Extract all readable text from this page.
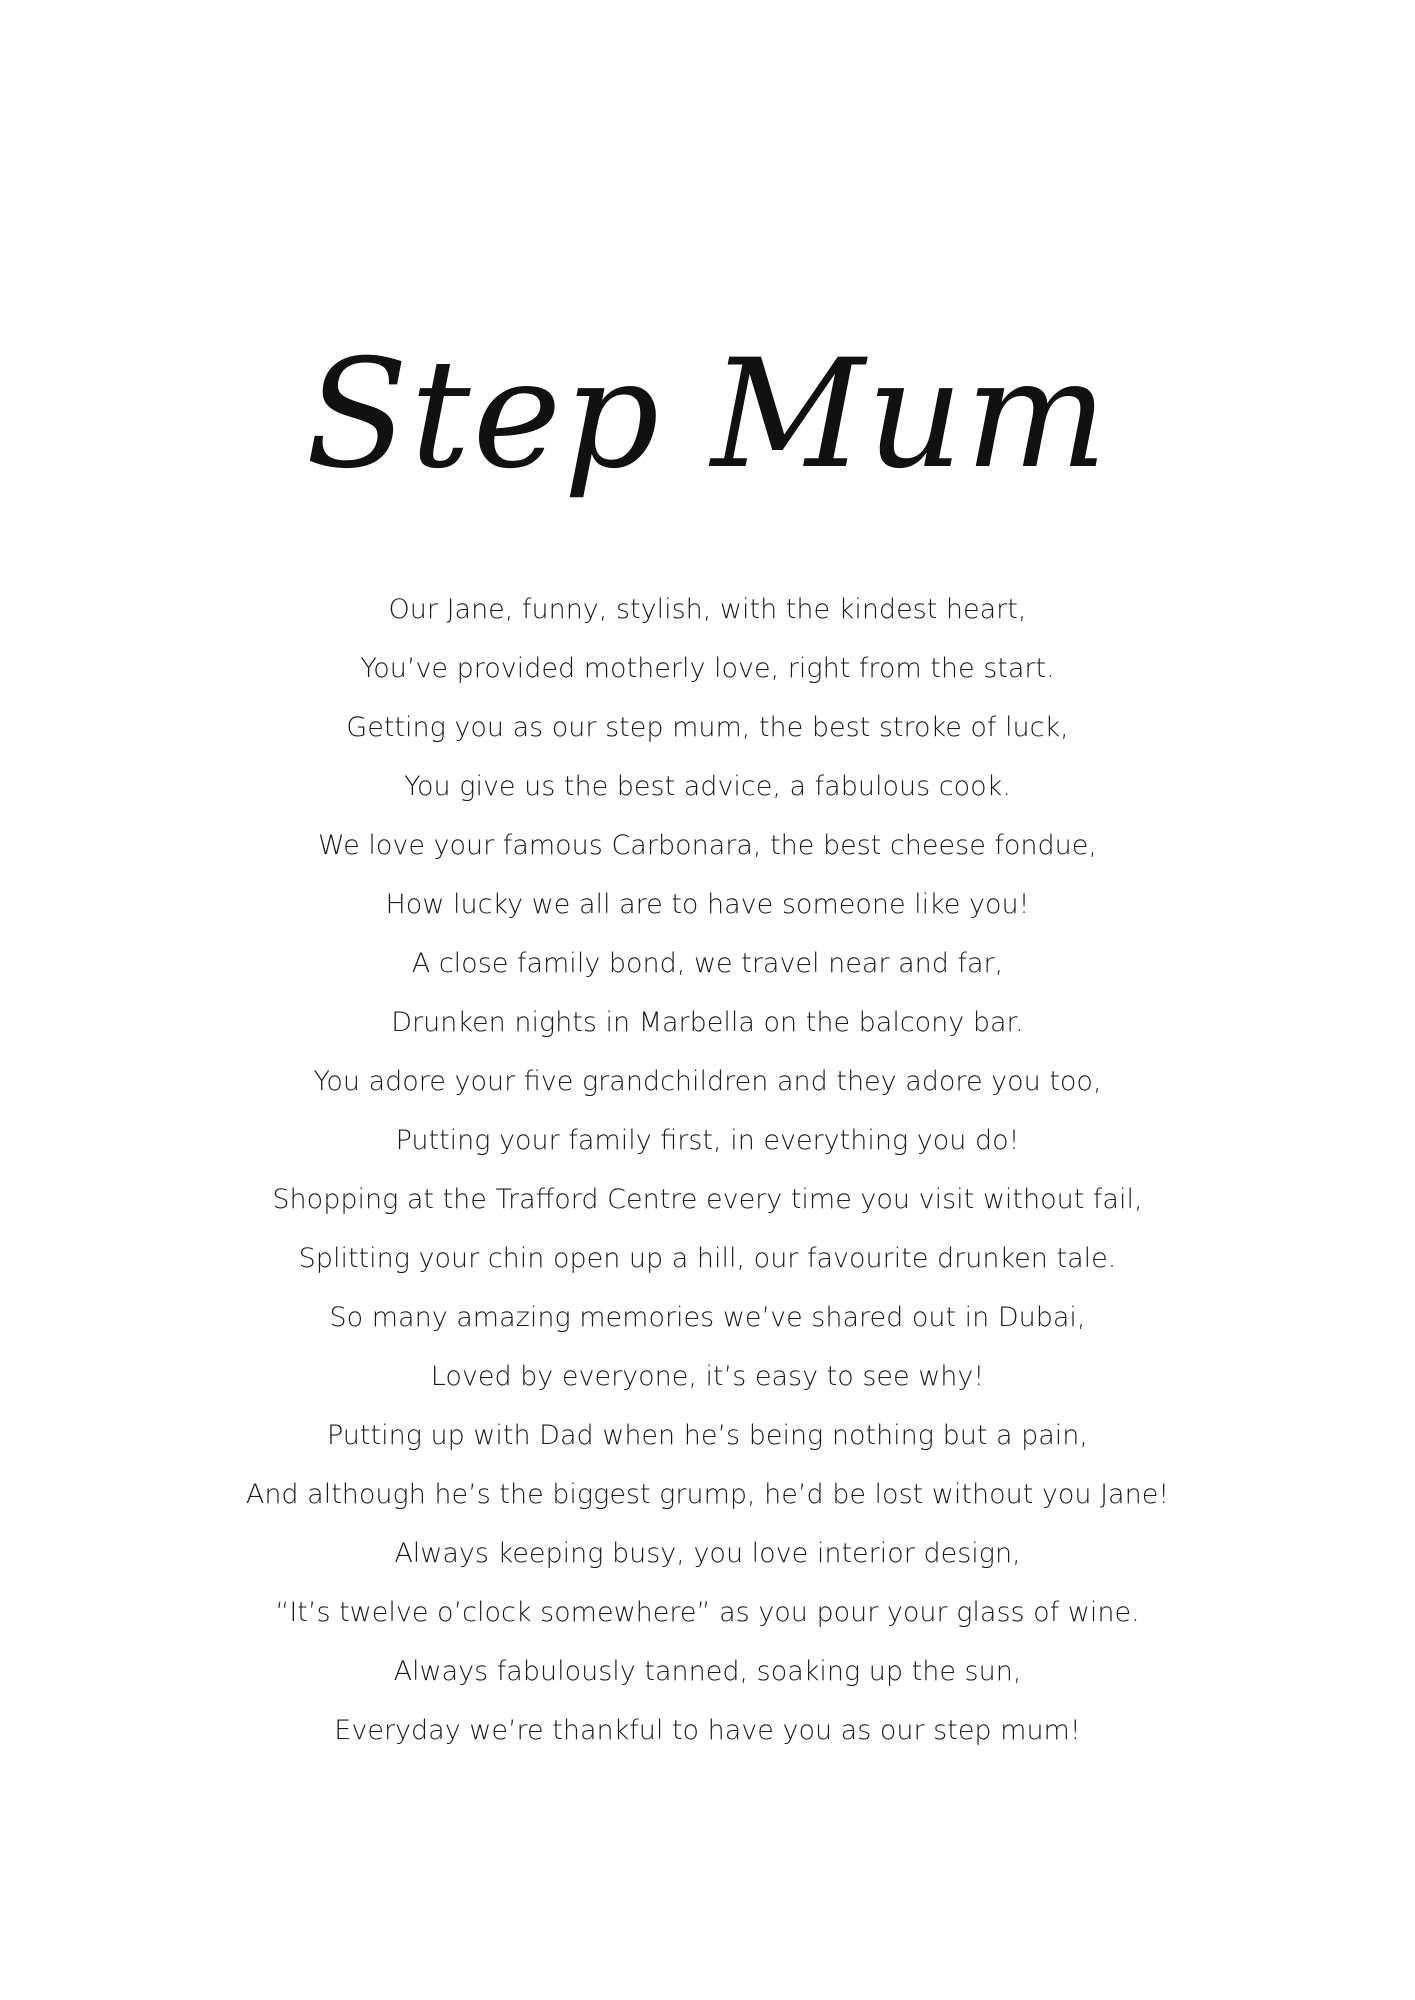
Step Mum
Our Jane, funny, stylish, with the kindest heart,
You’ve provided motherly love, right from the start.
Getting you as our step mum, the best stroke of luck,
You give us the best advice, a fabulous cook.
We love your famous Carbonara, the best cheese fondue,
How lucky we all are to have someone like you!
A close family bond, we travel near and far,
Drunken nights in Marbella on the balcony bar.
You adore your five grandchildren and they adore you too,
Putting your family first, in everything you do!
Shopping at the Trafford Centre every time you visit without fail,
Splitting your chin open up a hill, our favourite drunken tale.
So many amazing memories we’ve shared out in Dubai,
Loved by everyone, it’s easy to see why!
Putting up with Dad when he’s being nothing but a pain,
And although he’s the biggest grump, he’d be lost without you Jane!
Always keeping busy, you love interior design,
“It’s twelve o’clock somewhere” as you pour your glass of wine.
Always fabulously tanned, soaking up the sun,
Everyday we’re thankful to have you as our step mum!
